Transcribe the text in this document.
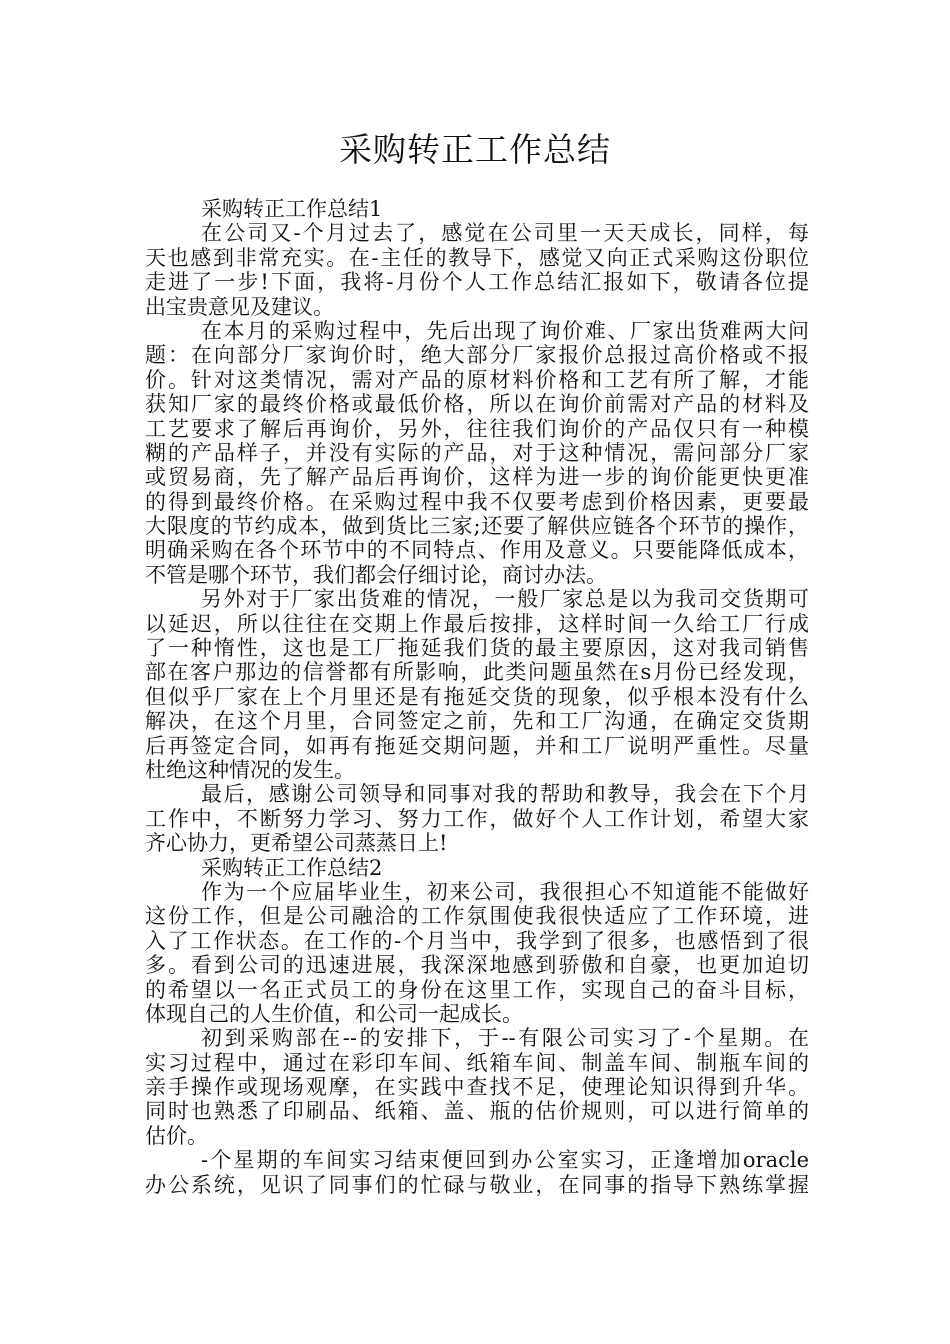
采购转正工作总结
采购转正工作总结1
在公司又-个月过去了，感觉在公司里一天天成长，同样，每
天也感到非常充实。在-主任的教导下，感觉又向正式采购这份职位
走进了一步!下面，我将-月份个人工作总结汇报如下，敬请各位提
出宝贵意见及建议。
在本月的采购过程中，先后出现了询价难、厂家出货难两大问
题：在向部分厂家询价时，绝大部分厂家报价总报过高价格或不报
价。针对这类情况，需对产品的原材料价格和工艺有所了解，才能
获知厂家的最终价格或最低价格，所以在询价前需对产品的材料及
工艺要求了解后再询价，另外，往往我们询价的产品仅只有一种模
糊的产品样子，并没有实际的产品，对于这种情况，需问部分厂家
或贸易商，先了解产品后再询价，这样为进一步的询价能更快更准
的得到最终价格。在采购过程中我不仅要考虑到价格因素，更要最
大限度的节约成本，做到货比三家;还要了解供应链各个环节的操作，
明确采购在各个环节中的不同特点、作用及意义。只要能降低成本，
不管是哪个环节，我们都会仔细讨论，商讨办法。
另外对于厂家出货难的情况，一般厂家总是以为我司交货期可
以延迟，所以往往在交期上作最后按排，这样时间一久给工厂行成
了一种惰性，这也是工厂拖延我们货的最主要原因，这对我司销售
部在客户那边的信誉都有所影响，此类问题虽然在s月份已经发现，
但似乎厂家在上个月里还是有拖延交货的现象，似乎根本没有什么
解决，在这个月里，合同签定之前，先和工厂沟通，在确定交货期
后再签定合同，如再有拖延交期问题，并和工厂说明严重性。尽量
杜绝这种情况的发生。
最后，感谢公司领导和同事对我的帮助和教导，我会在下个月
工作中，不断努力学习、努力工作，做好个人工作计划，希望大家
齐心协力，更希望公司蒸蒸日上!
采购转正工作总结2
作为一个应届毕业生，初来公司，我很担心不知道能不能做好
这份工作，但是公司融洽的工作氛围使我很快适应了工作环境，进
入了工作状态。在工作的-个月当中，我学到了很多，也感悟到了很
多。看到公司的迅速进展，我深深地感到骄傲和自豪，也更加迫切
的希望以一名正式员工的身份在这里工作，实现自己的奋斗目标，
体现自己的人生价值，和公司一起成长。
初到采购部在--的安排下，于--有限公司实习了-个星期。在
实习过程中，通过在彩印车间、纸箱车间、制盖车间、制瓶车间的
亲手操作或现场观摩，在实践中查找不足，使理论知识得到升华。
同时也熟悉了印刷品、纸箱、盖、瓶的估价规则，可以进行简单的
估价。
-个星期的车间实习结束便回到办公室实习，正逢增加oracle
办公系统，见识了同事们的忙碌与敬业，在同事的指导下熟练掌握
